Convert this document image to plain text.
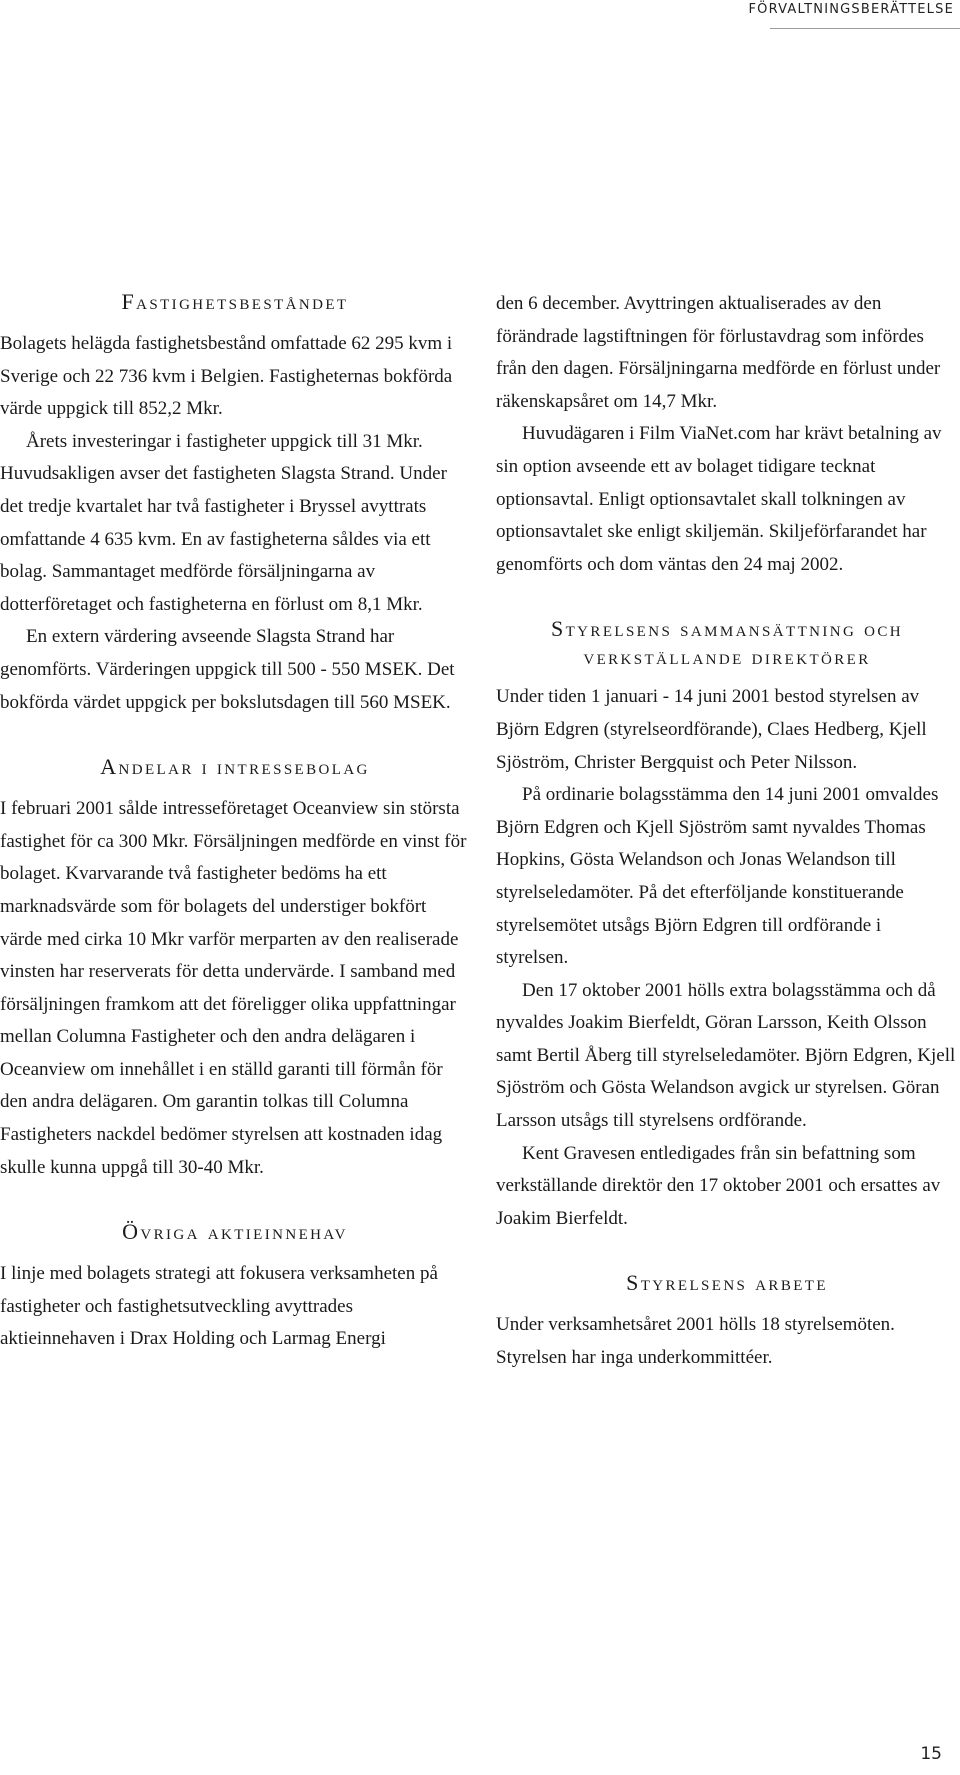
FÖRVALTNINGSBERÄTTELSE
Fastighetsbeståndet

Bolagets helägda fastighetsbestånd omfattade 62 295 kvm i Sverige och 22 736 kvm i Belgien. Fastigheternas bokförda värde uppgick till 852,2 Mkr.

Årets investeringar i fastigheter uppgick till 31 Mkr. Huvudsakligen avser det fastigheten Slagsta Strand. Under det tredje kvartalet har två fastigheter i Bryssel avyttrats omfattande 4 635 kvm. En av fastigheterna såldes via ett bolag. Sammantaget medförde försäljningarna av dotterföretaget och fastigheterna en förlust om 8,1 Mkr.

En extern värdering avseende Slagsta Strand har genomförts. Värderingen uppgick till 500 - 550 MSEK. Det bokförda värdet uppgick per bokslutsdagen till 560 MSEK.

Andelar i intressebolag

I februari 2001 sålde intresseföretaget Oceanview sin största fastighet för ca 300 Mkr. Försäljningen medförde en vinst för bolaget. Kvarvarande två fastigheter bedöms ha ett marknadsvärde som för bolagets del understiger bokfört värde med cirka 10 Mkr varför merparten av den realiserade vinsten har reserverats för detta undervärde. I samband med försäljningen framkom att det föreligger olika uppfattningar mellan Columna Fastigheter och den andra delägaren i Oceanview om innehållet i en ställd garanti till förmån för den andra delägaren. Om garantin tolkas till Columna Fastigheters nackdel bedömer styrelsen att kostnaden idag skulle kunna uppgå till 30-40 Mkr.

Övriga aktieinnehav

I linje med bolagets strategi att fokusera verksamheten på fastigheter och fastighetsutveckling avyttrades aktieinnehaven i Drax Holding och Larmag Energi

den 6 december. Avyttringen aktualiserades av den förändrade lagstiftningen för förlustavdrag som infördes från den dagen. Försäljningarna medförde en förlust under räkenskapsåret om 14,7 Mkr.

Huvudägaren i Film ViaNet.com har krävt betalning av sin option avseende ett av bolaget tidigare tecknat optionsavtal. Enligt optionsavtalet skall tolkningen av optionsavtalet ske enligt skiljemän. Skiljeförfarandet har genomförts och dom väntas den 24 maj 2002.

Styrelsens sammansättning och
verkställande direktörer

Under tiden 1 januari - 14 juni 2001 bestod styrelsen av Björn Edgren (styrelseordförande), Claes Hedberg, Kjell Sjöström, Christer Bergquist och Peter Nilsson.

På ordinarie bolagsstämma den 14 juni 2001 omvaldes Björn Edgren och Kjell Sjöström samt nyvaldes Thomas Hopkins, Gösta Welandson och Jonas Welandson till styrelseledamöter. På det efterföljande konstituerande styrelsemötet utsågs Björn Edgren till ordförande i styrelsen.

Den 17 oktober 2001 hölls extra bolagsstämma och då nyvaldes Joakim Bierfeldt, Göran Larsson, Keith Olsson samt Bertil Åberg till styrelseledamöter. Björn Edgren, Kjell Sjöström och Gösta Welandson avgick ur styrelsen. Göran Larsson utsågs till styrelsens ordförande.

Kent Gravesen entledigades från sin befattning som verkställande direktör den 17 oktober 2001 och ersattes av Joakim Bierfeldt.

Styrelsens arbete

Under verksamhetsåret 2001 hölls 18 styrelsemöten. Styrelsen har inga underkommittéer.

15
